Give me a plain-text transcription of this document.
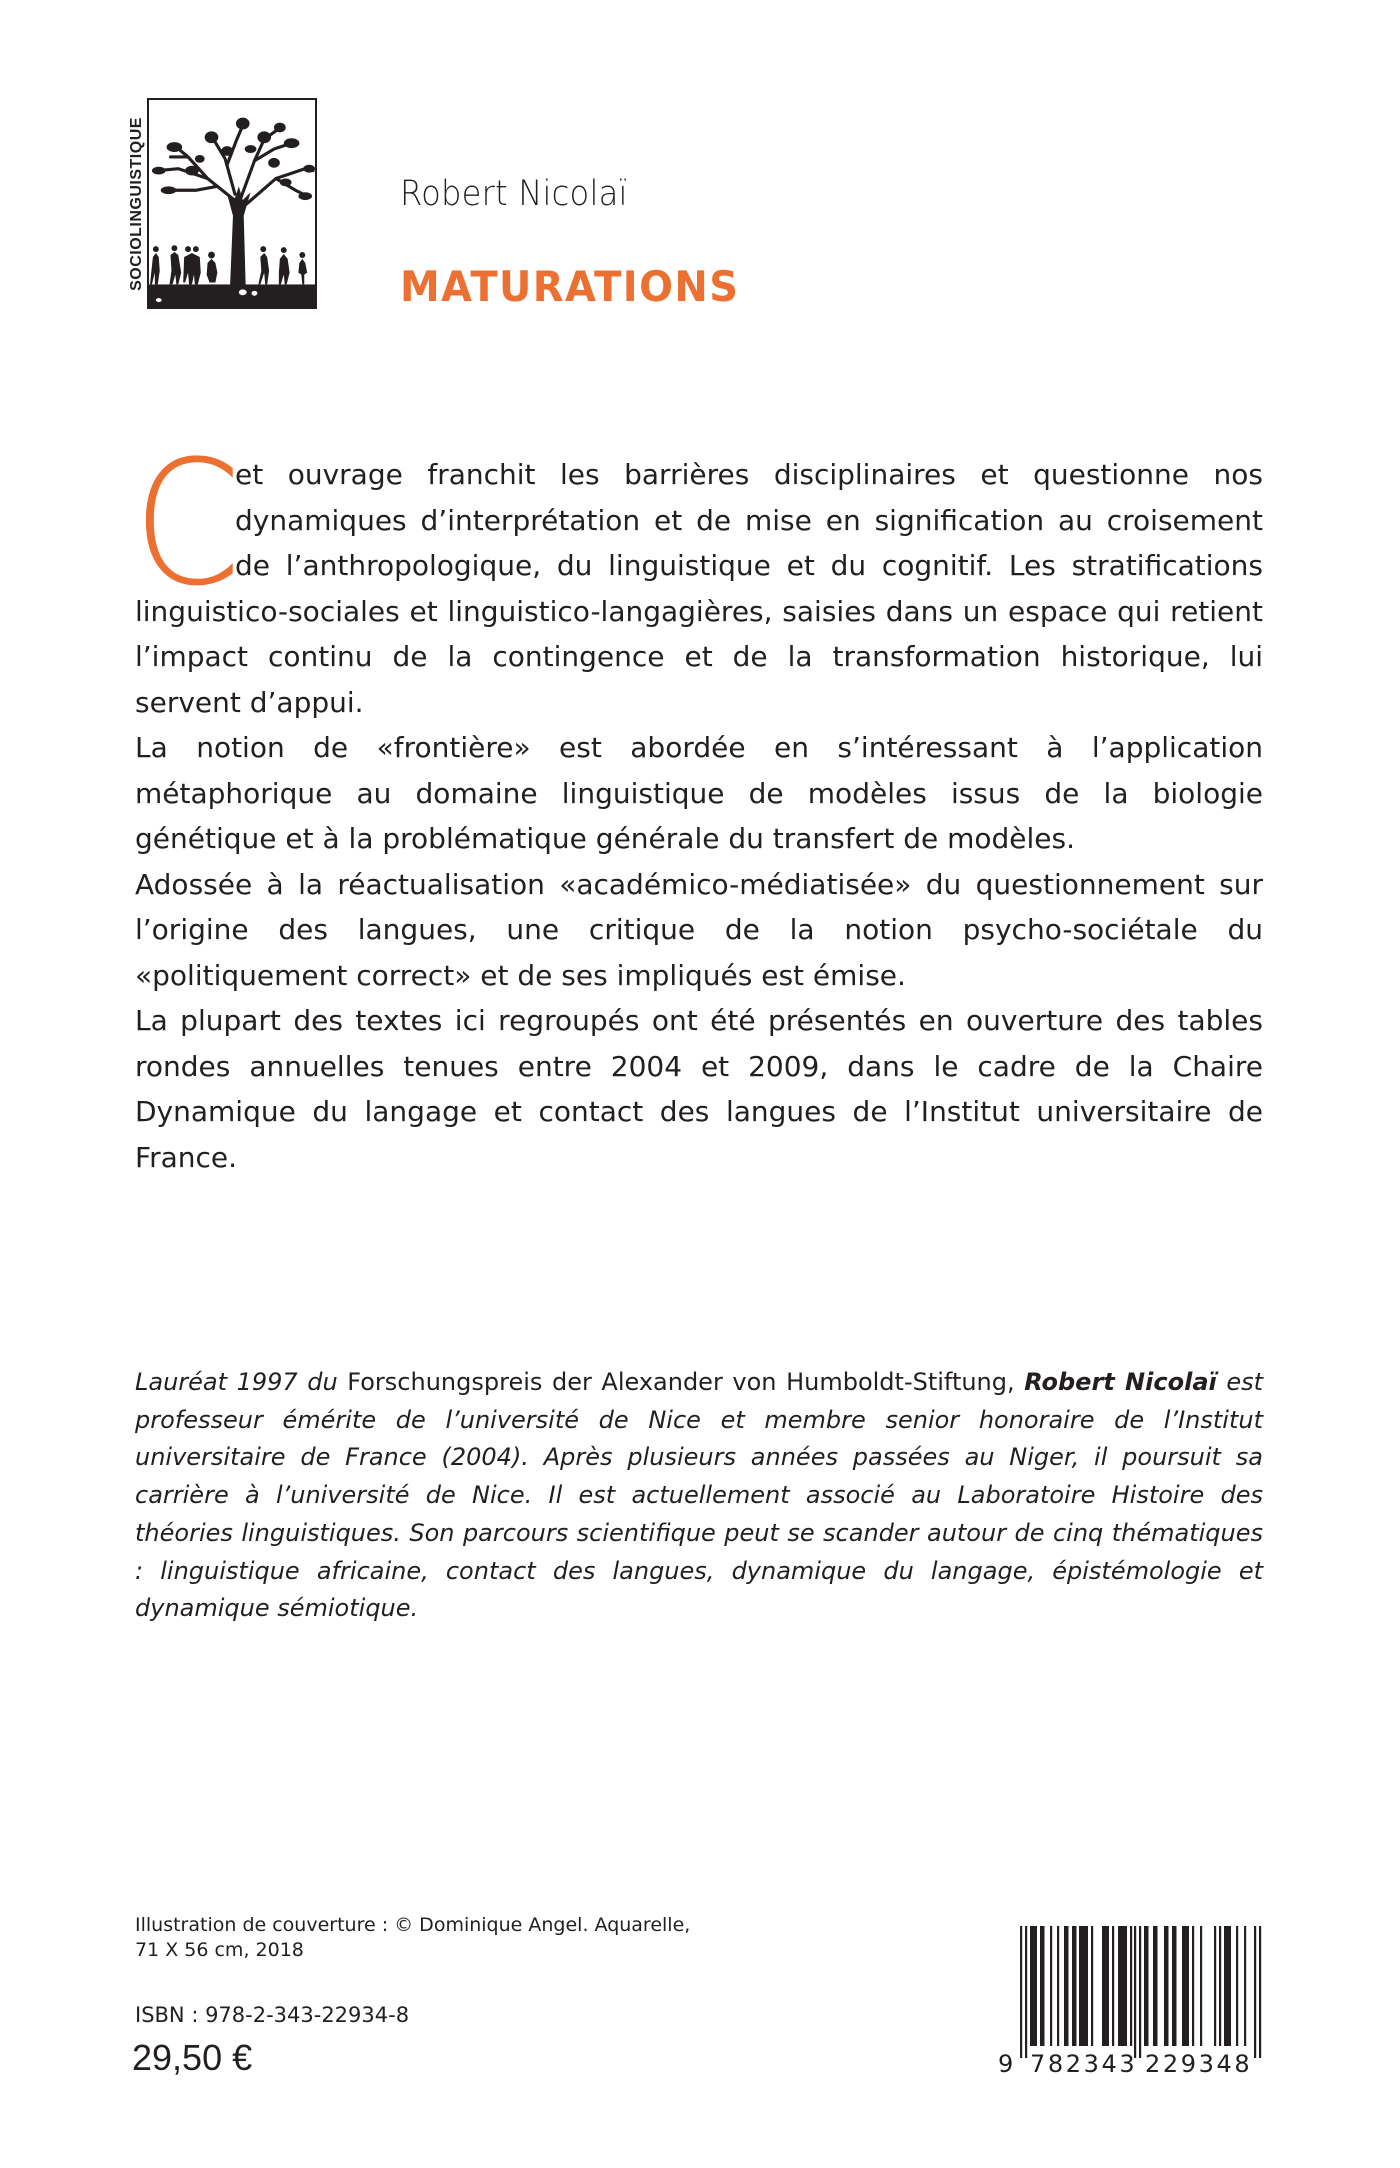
SOCIOLINGUISTIQUE	Robert Nicolaï
MATURATIONS

C
et ouvrage franchit les barrières disciplinaires et questionne nos dynamiques d’interprétation et de mise en signification au croisement de l’anthropologique, du linguistique et du cognitif. Les stratifications linguistico-sociales et linguistico-langagières, saisies dans un espace qui retient l’impact continu de la contingence et de la transformation historique, lui servent d’appui.

La notion de «frontière» est abordée en s’intéressant à l’application métaphorique au domaine linguistique de modèles issus de la biologie génétique et à la problématique générale du transfert de modèles.

Adossée à la réactualisation «académico-médiatisée» du questionnement sur l’origine des langues, une critique de la notion psycho-sociétale du «politiquement correct» et de ses impliqués est émise.

La plupart des textes ici regroupés ont été présentés en ouverture des tables rondes annuelles tenues entre 2004 et 2009, dans le cadre de la Chaire Dynamique du langage et contact des langues de l’Institut universitaire de France.

Lauréat 1997 du Forschungspreis der Alexander von Humboldt-Stiftung, Robert Nicolaï est professeur émérite de l’université de Nice et membre senior honoraire de l’Institut universitaire de France (2004). Après plusieurs années passées au Niger, il poursuit sa carrière à l’université de Nice. Il est actuellement associé au Laboratoire Histoire des théories linguistiques. Son parcours scientifique peut se scander autour de cinq thématiques : linguistique africaine, contact des langues, dynamique du langage, épistémologie et dynamique sémiotique.

Illustration de couverture : © Dominique Angel. Aquarelle,
71 X 56 cm, 2018
ISBN : 978-2-343-22934-8
29,50 €	9 782343 229348
